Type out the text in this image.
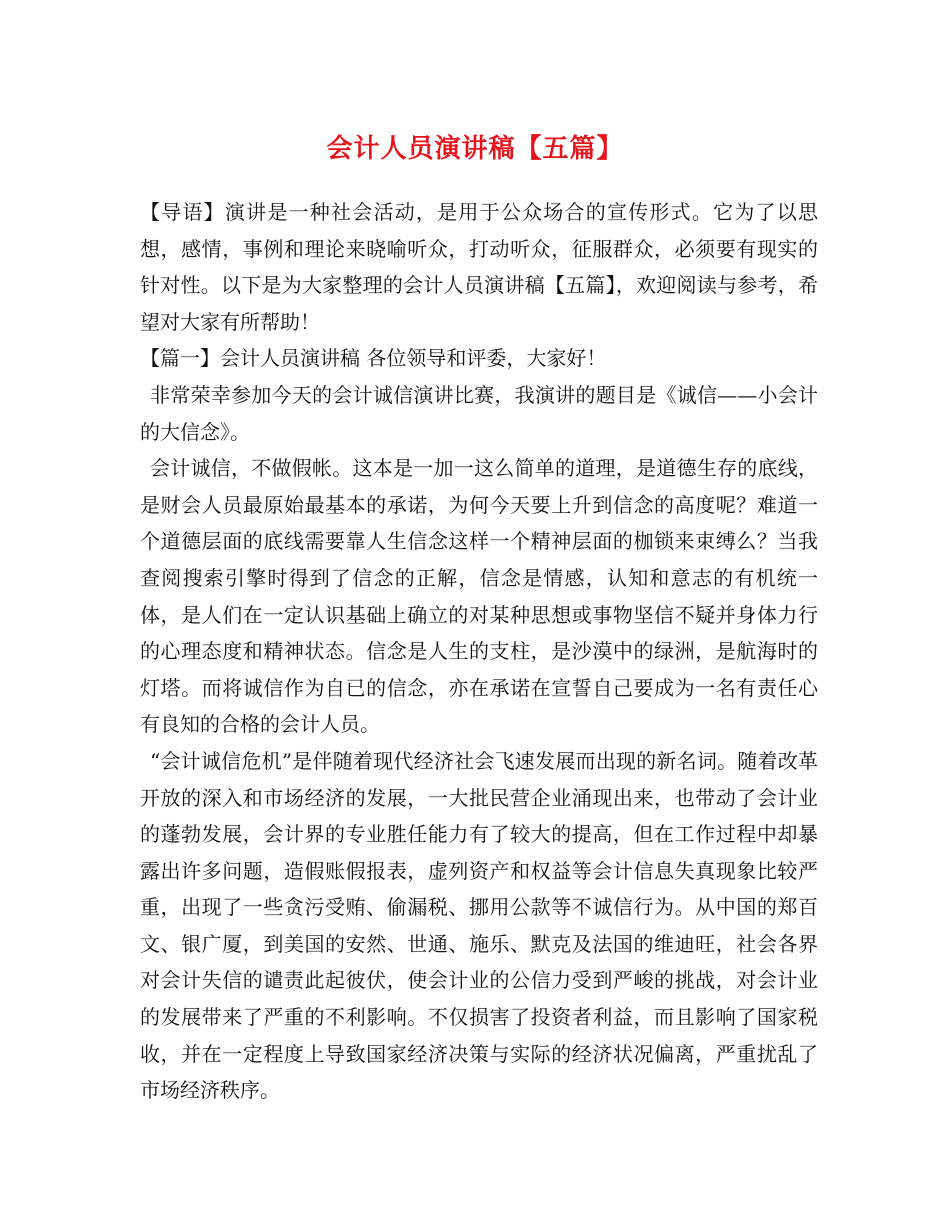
会计人员演讲稿【五篇】

【导语】演讲是一种社会活动，是用于公众场合的宣传形式。它为了以思想，感情，事例和理论来晓喻听众，打动听众，征服群众，必须要有现实的针对性。以下是为大家整理的会计人员演讲稿【五篇】，欢迎阅读与参考，希望对大家有所帮助！

【篇一】会计人员演讲稿 各位领导和评委，大家好！

非常荣幸参加今天的会计诚信演讲比赛，我演讲的题目是《诚信——小会计的大信念》。

会计诚信，不做假帐。这本是一加一这么简单的道理，是道德生存的底线，是财会人员最原始最基本的承诺，为何今天要上升到信念的高度呢？难道一个道德层面的底线需要靠人生信念这样一个精神层面的枷锁来束缚么？当我查阅搜索引擎时得到了信念的正解，信念是情感，认知和意志的有机统一体，是人们在一定认识基础上确立的对某种思想或事物坚信不疑并身体力行的心理态度和精神状态。信念是人生的支柱，是沙漠中的绿洲，是航海时的灯塔。而将诚信作为自已的信念，亦在承诺在宣誓自己要成为一名有责任心有良知的合格的会计人员。

“会计诚信危机”是伴随着现代经济社会飞速发展而出现的新名词。随着改革开放的深入和市场经济的发展，一大批民营企业涌现出来，也带动了会计业的蓬勃发展，会计界的专业胜任能力有了较大的提高，但在工作过程中却暴露出许多问题，造假账假报表，虚列资产和权益等会计信息失真现象比较严重，出现了一些贪污受贿、偷漏税、挪用公款等不诚信行为。从中国的郑百文、银广厦，到美国的安然、世通、施乐、默克及法国的维迪旺，社会各界对会计失信的谴责此起彼伏，使会计业的公信力受到严峻的挑战，对会计业的发展带来了严重的不利影响。不仅损害了投资者利益，而且影响了国家税收，并在一定程度上导致国家经济决策与实际的经济状况偏离，严重扰乱了市场经济秩序。
